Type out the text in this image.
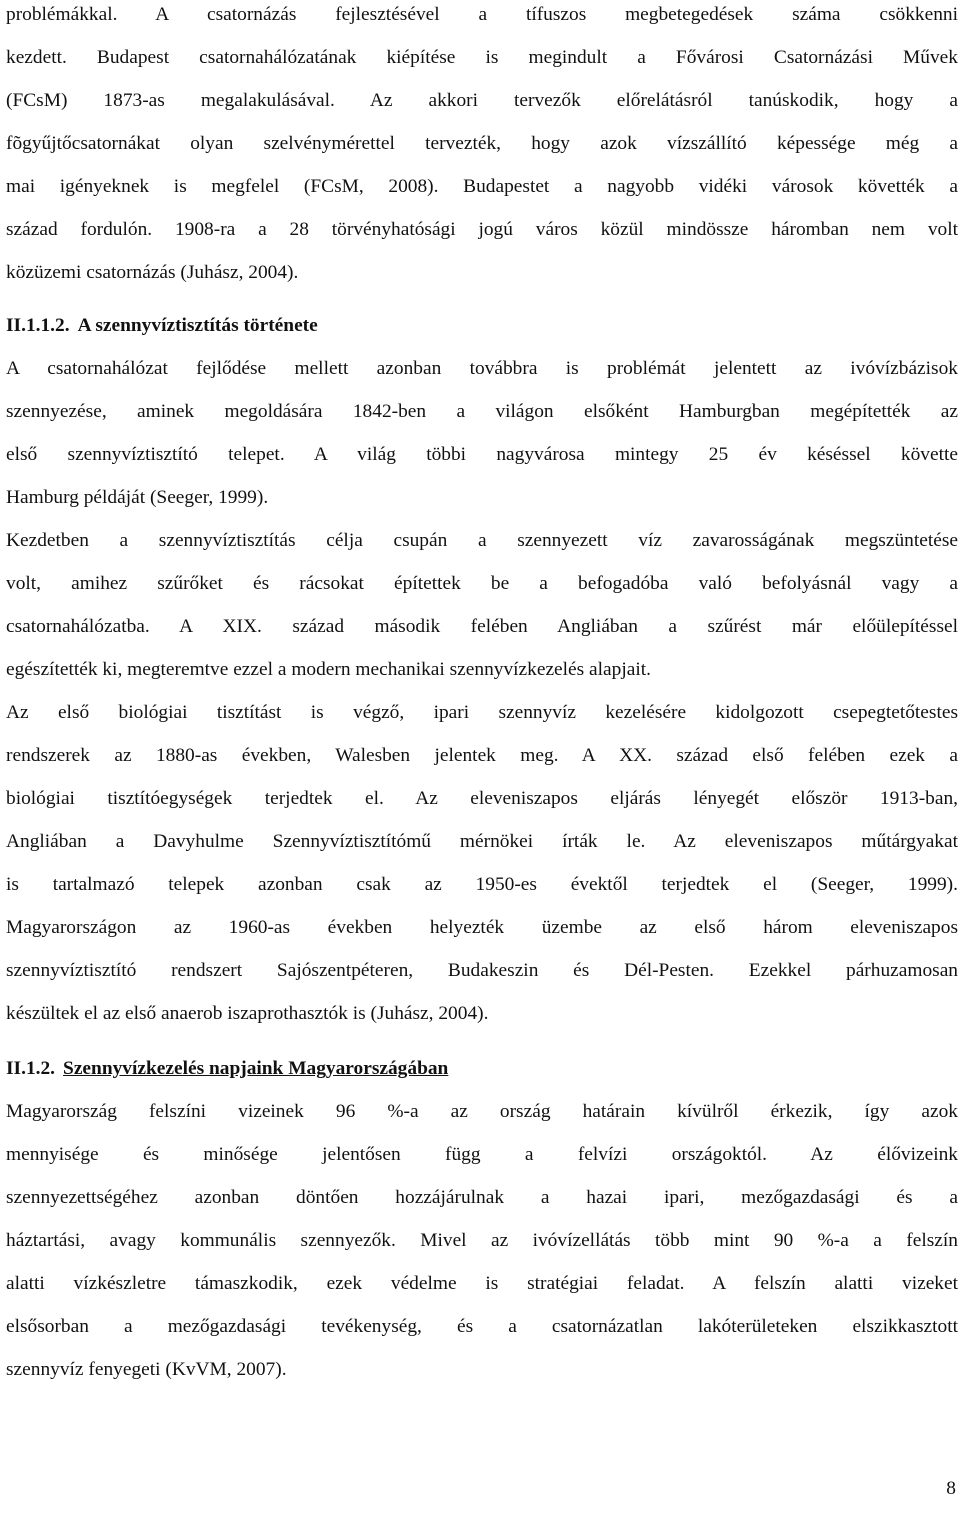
problémákkal. A csatornázás fejlesztésével a tífuszos megbetegedések száma csökkenni
kezdett. Budapest csatornahálózatának kiépítése is megindult a Fővárosi Csatornázási Művek
(FCsM) 1873-as megalakulásával. Az akkori tervezők előrelátásról tanúskodik, hogy a
fõgyűjtőcsatornákat olyan szelvénymérettel tervezték, hogy azok vízszállító képessége még a
mai igényeknek is megfelel (FCsM, 2008). Budapestet a nagyobb vidéki városok követték a
század fordulón. 1908-ra a 28 törvényhatósági jogú város közül mindössze háromban nem volt
közüzemi csatornázás (Juhász, 2004).

II.1.1.2. A szennyvíztisztítás története

A csatornahálózat fejlődése mellett azonban továbbra is problémát jelentett az ivóvízbázisok
szennyezése, aminek megoldására 1842-ben a világon elsőként Hamburgban megépítették az
első szennyvíztisztító telepet. A világ többi nagyvárosa mintegy 25 év késéssel követte
Hamburg példáját (Seeger, 1999).

Kezdetben a szennyvíztisztítás célja csupán a szennyezett víz zavarosságának megszüntetése
volt, amihez szűrőket és rácsokat építettek be a befogadóba való befolyásnál vagy a
csatornahálózatba. A XIX. század második felében Angliában a szűrést már előülepítéssel
egészítették ki, megteremtve ezzel a modern mechanikai szennyvízkezelés alapjait.

Az első biológiai tisztítást is végző, ipari szennyvíz kezelésére kidolgozott csepegtetőtestes
rendszerek az 1880-as években, Walesben jelentek meg. A XX. század első felében ezek a
biológiai tisztítóegységek terjedtek el. Az eleveniszapos eljárás lényegét először 1913-ban,
Angliában a Davyhulme Szennyvíztisztítómű mérnökei írták le. Az eleveniszapos műtárgyakat
is tartalmazó telepek azonban csak az 1950-es évektől terjedtek el (Seeger, 1999).
Magyarországon az 1960-as években helyezték üzembe az első három eleveniszapos
szennyvíztisztító rendszert Sajószentpéteren, Budakeszin és Dél-Pesten. Ezekkel párhuzamosan
készültek el az első anaerob iszaprothasztók is (Juhász, 2004).

II.1.2. Szennyvízkezelés napjaink Magyarországában

Magyarország felszíni vizeinek 96 %-a az ország határain kívülről érkezik, így azok
mennyisége és minősége jelentősen függ a felvízi országoktól. Az élővizeink
szennyezettségéhez azonban döntően hozzájárulnak a hazai ipari, mezőgazdasági és a
háztartási, avagy kommunális szennyezők. Mivel az ivóvízellátás több mint 90 %-a a felszín
alatti vízkészletre támaszkodik, ezek védelme is stratégiai feladat. A felszín alatti vizeket
elsősorban a mezőgazdasági tevékenység, és a csatornázatlan lakóterületeken elszikkasztott
szennyvíz fenyegeti (KvVM, 2007).

8
